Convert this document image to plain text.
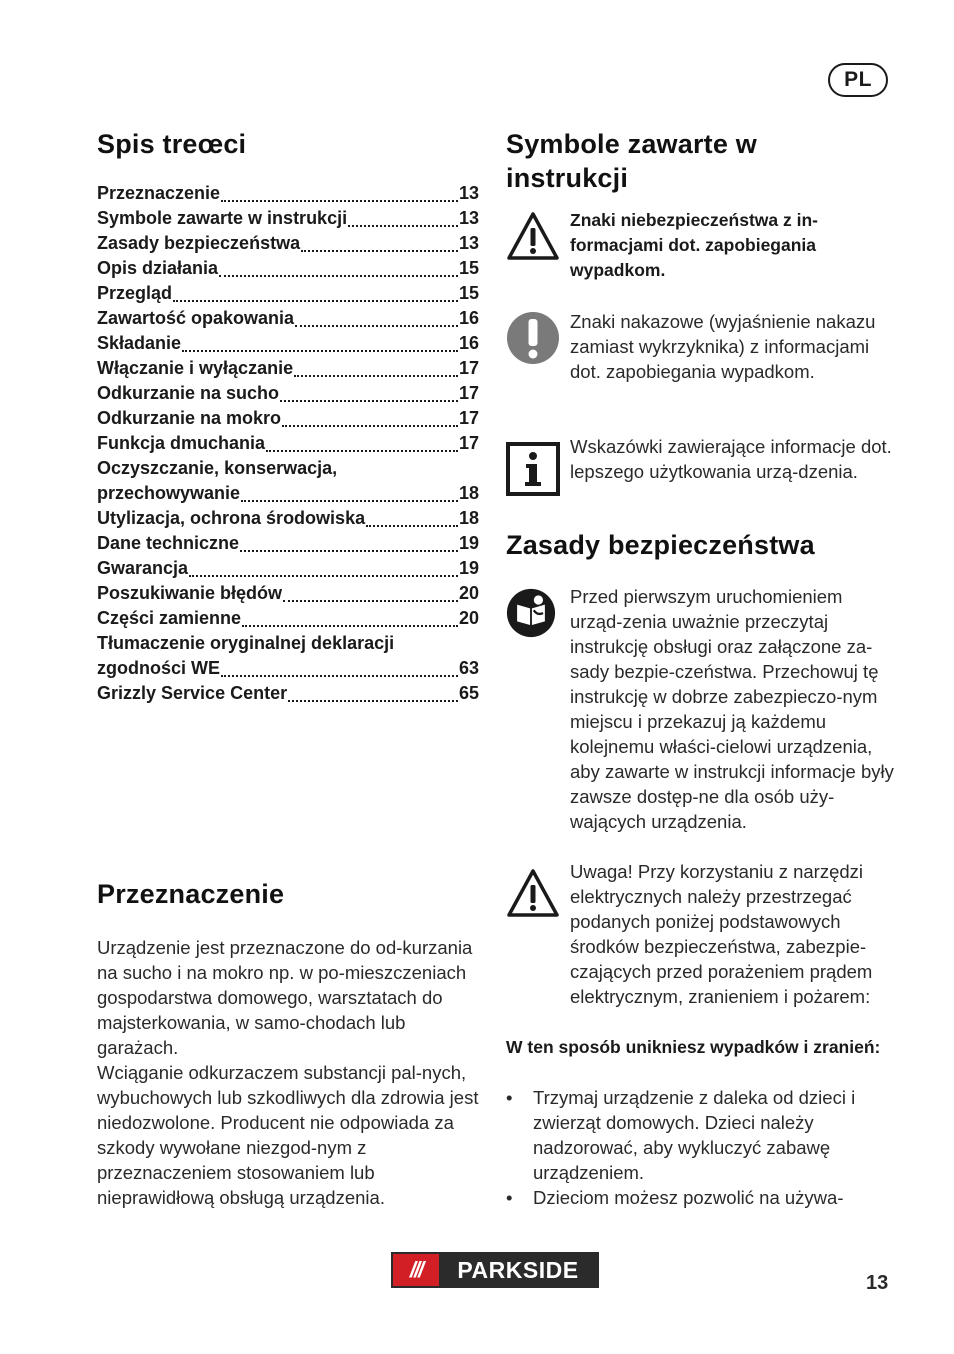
PL
Spis treœci
Przeznaczenie	13
Symbole zawarte w instrukcji	13
Zasady bezpieczeństwa	13
Opis działania	15
Przegląd	15
Zawartość opakowania	16
Składanie	16
Włączanie i wyłączanie	17
Odkurzanie na sucho	17
Odkurzanie na mokro	17
Funkcja dmuchania	17
Oczyszczanie, konserwacja,
przechowywanie	18
Utylizacja, ochrona środowiska	18
Dane techniczne	19
Gwarancja	19
Poszukiwanie błędów	20
Części zamienne	20
Tłumaczenie oryginalnej deklaracji
zgodności WE	63
Grizzly Service Center	65
Przeznaczenie

Urządzenie jest przeznaczone do od-kurzania na sucho i na mokro np. w po-mieszczeniach gospodarstwa domowego, warsztatach do majsterkowania, w samo-chodach lub garażach.

Wciąganie odkurzaczem substancji pal-nych, wybuchowych lub szkodliwych dla zdrowia jest niedozwolone. Producent nie odpowiada za szkody wywołane niezgod-nym z przeznaczeniem stosowaniem lub nieprawidłową obsługą urządzenia.

Symbole zawarte w
instrukcji

Znaki niebezpieczeństwa z in-formacjami dot. zapobiegania wypadkom.

Znaki nakazowe (wyjaśnienie nakazu zamiast wykrzyknika) z informacjami dot. zapobiegania wypadkom.

Wskazówki zawierające informacje dot. lepszego użytkowania urzą-dzenia.

Zasady bezpieczeństwa

Przed pierwszym uruchomieniem urząd-zenia uważnie przeczytaj instrukcję obsługi oraz załączone za-sady bezpie-czeństwa. Przechowuj tę instrukcję w dobrze zabezpieczo-nym miejscu i przekazuj ją każdemu kolejnemu właści-cielowi urządzenia, aby zawarte w instrukcji informacje były zawsze dostęp-ne dla osób uży-wających urządzenia.

Uwaga! Przy korzystaniu z narzędzi elektrycznych należy przestrzegać podanych poniżej podstawowych środków bezpieczeństwa, zabezpie-czających przed porażeniem prądem elektrycznym, zranieniem i pożarem:

W ten sposób unikniesz wypadków i zranień:

• Trzymaj urządzenie z daleka od dzieci i zwierząt domowych. Dzieci należy nadzorować, aby wykluczyć zabawę urządzeniem.
• Dzieciom możesz pozwolić na używa-
///	PARKSIDE
13
